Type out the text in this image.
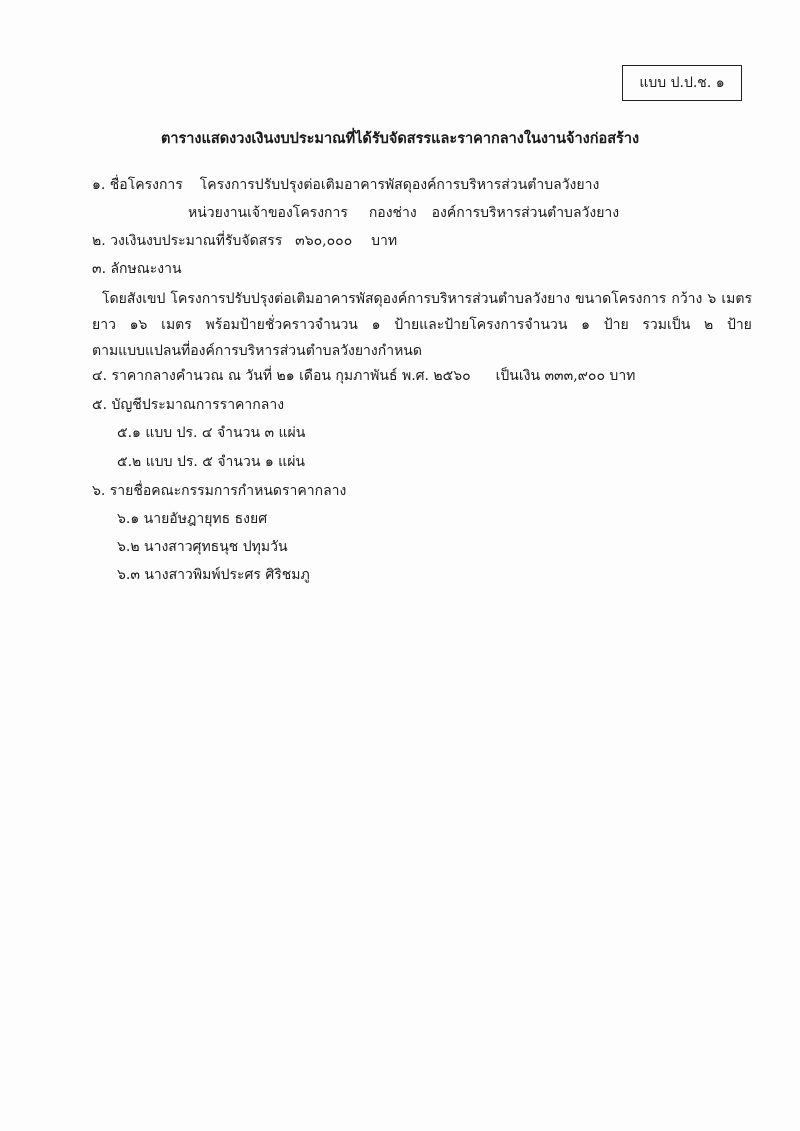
แบบ ป.ป.ช. ๑
ตารางแสดงวงเงินงบประมาณที่ได้รับจัดสรรและราคากลางในงานจ้างก่อสร้าง
๑. ชื่อโครงการ โครงการปรับปรุงต่อเติมอาคารพัสดุองค์การบริหารส่วนตำบลวังยาง
หน่วยงานเจ้าของโครงการ กองช่าง องค์การบริหารส่วนตำบลวังยาง
๒. วงเงินงบประมาณที่รับจัดสรร ๓๖๐,๐๐๐ บาท
๓. ลักษณะงาน
โดยสังเขป โครงการปรับปรุงต่อเติมอาคารพัสดุองค์การบริหารส่วนตำบลวังยาง ขนาดโครงการ กว้าง ๖ เมตร
ยาว ๑๖ เมตร พร้อมป้ายชั่วคราวจำนวน ๑ ป้ายและป้ายโครงการจำนวน ๑ ป้าย รวมเป็น ๒ ป้าย
ตามแบบแปลนที่องค์การบริหารส่วนตำบลวังยางกำหนด
๔. ราคากลางคำนวณ ณ วันที่ ๒๑ เดือน กุมภาพันธ์ พ.ศ. ๒๕๖๐ เป็นเงิน ๓๓๓,๙๐๐ บาท
๕. บัญชีประมาณการราคากลาง
๕.๑ แบบ ปร. ๔ จำนวน ๓ แผ่น
๕.๒ แบบ ปร. ๕ จำนวน ๑ แผ่น
๖. รายชื่อคณะกรรมการกำหนดราคากลาง
๖.๑ นายอัษฎายุทธ ธงยศ
๖.๒ นางสาวศุทธนุช ปทุมวัน
๖.๓ นางสาวพิมพ์ประศร ศิริชมภู
